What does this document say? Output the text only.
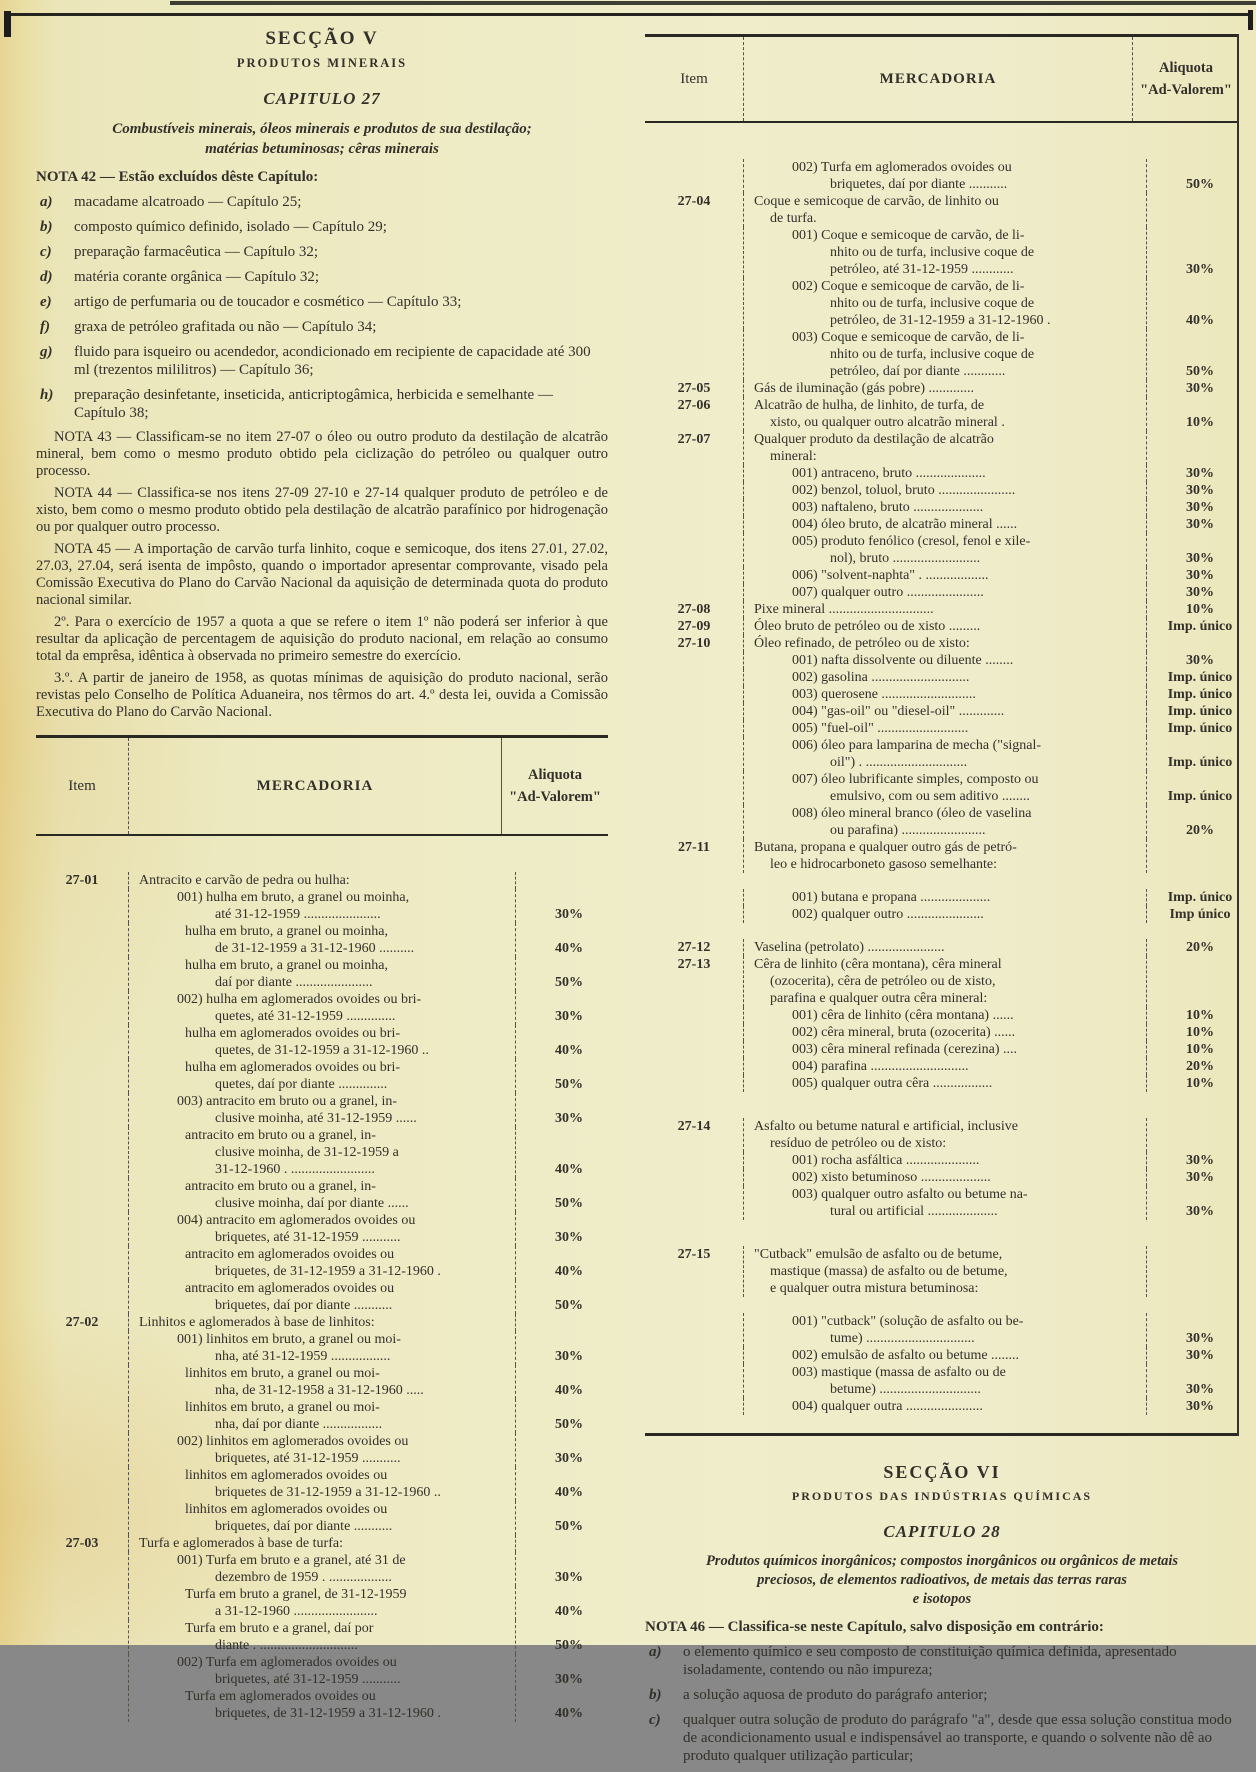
SECÇÃO V
PRODUTOS MINERAIS
CAPITULO 27
Combustíveis minerais, óleos minerais e produtos de sua destilação;
matérias betuminosas; cêras minerais
NOTA 42 — Estão excluídos dêste Capítulo:
a)	macadame alcatroado — Capítulo 25;
b)	composto químico definido, isolado — Capítulo 29;
c)	preparação farmacêutica — Capítulo 32;
d)	matéria corante orgânica — Capítulo 32;
e)	artigo de perfumaria ou de toucador e cosmético — Capítulo 33;
f)	graxa de petróleo grafitada ou não — Capítulo 34;
g)	fluido para isqueiro ou acendedor, acondicionado em recipiente de capacidade até 300 ml (trezentos mililitros) — Capítulo 36;
h)	preparação desinfetante, inseticida, anticriptogâmica, herbicida e semelhante — Capítulo 38;

NOTA 43 — Classificam-se no item 27-07 o óleo ou outro produto da destilação de alcatrão mineral, bem como o mesmo produto obtido pela ciclização do petróleo ou qualquer outro processo.

NOTA 44 — Classifica-se nos itens 27-09 27-10 e 27-14 qualquer produto de petróleo e de xisto, bem como o mesmo produto obtido pela destilação de alcatrão parafínico por hidrogenação ou por qualquer outro processo.

NOTA 45 — A importação de carvão turfa linhito, coque e semicoque, dos itens 27.01, 27.02, 27.03, 27.04, será isenta de impôsto, quando o importador apresentar comprovante, visado pela Comissão Executiva do Plano do Carvão Nacional da aquisição de determinada quota do produto nacional similar.

2º. Para o exercício de 1957 a quota a que se refere o item 1º não poderá ser inferior à que resultar da aplicação de percentagem de aquisição do produto nacional, em relação ao consumo total da emprêsa, idêntica à observada no primeiro semestre do exercício.

3.º. A partir de janeiro de 1958, as quotas mínimas de aquisição do produto nacional, serão revistas pelo Conselho de Política Aduaneira, nos têrmos do art. 4.º desta lei, ouvida a Comissão Executiva do Plano do Carvão Nacional.

Item	MERCADORIA
Aliquota
"Ad-Valorem"
27-01	Antracito e carvão de pedra ou hulha:
001) hulha em bruto, a granel ou moinha,
até 31-12-1959 ......................	30%
hulha em bruto, a granel ou moinha,
de 31-12-1959 a 31-12-1960 ..........	40%
hulha em bruto, a granel ou moinha,
daí por diante ......................	50%
002) hulha em aglomerados ovoides ou bri-
quetes, até 31-12-1959 ..............	30%
hulha em aglomerados ovoides ou bri-
quetes, de 31-12-1959 a 31-12-1960 ..	40%
hulha em aglomerados ovoides ou bri-
quetes, daí por diante ..............	50%
003) antracito em bruto ou a granel, in-
clusive moinha, até 31-12-1959 ......	30%
antracito em bruto ou a granel, in-
clusive moinha, de 31-12-1959 a
31-12-1960 . ........................	40%
antracito em bruto ou a granel, in-
clusive moinha, daí por diante ......	50%
004) antracito em aglomerados ovoides ou
briquetes, até 31-12-1959 ...........	30%
antracito em aglomerados ovoides ou
briquetes, de 31-12-1959 a 31-12-1960 .	40%
antracito em aglomerados ovoides ou
briquetes, daí por diante ...........	50%
27-02	Linhitos e aglomerados à base de linhitos:
001) linhitos em bruto, a granel ou moi-
nha, até 31-12-1959 .................	30%
linhitos em bruto, a granel ou moi-
nha, de 31-12-1958 a 31-12-1960 .....	40%
linhitos em bruto, a granel ou moi-
nha, daí por diante .................	50%
002) linhitos em aglomerados ovoides ou
briquetes, até 31-12-1959 ...........	30%
linhitos em aglomerados ovoides ou
briquetes de 31-12-1959 a 31-12-1960 ..	40%
linhitos em aglomerados ovoides ou
briquetes, daí por diante ...........	50%
27-03	Turfa e aglomerados à base de turfa:
001) Turfa em bruto e a granel, até 31 de
dezembro de 1959 . ..................	30%
Turfa em bruto a granel, de 31-12-1959
a 31-12-1960 ........................	40%
Turfa em bruto e a granel, daí por
diante . ............................	50%
002) Turfa em aglomerados ovoides ou
briquetes, até 31-12-1959 ...........	30%
Turfa em aglomerados ovoides ou
briquetes, de 31-12-1959 a 31-12-1960 .	40%
Item	MERCADORIA
Aliquota
"Ad-Valorem"
002) Turfa em aglomerados ovoides ou
briquetes, daí por diante ...........	50%
27-04	Coque e semicoque de carvão, de linhito ou
de turfa.
001) Coque e semicoque de carvão, de li-
nhito ou de turfa, inclusive coque de
petróleo, até 31-12-1959 ............	30%
002) Coque e semicoque de carvão, de li-
nhito ou de turfa, inclusive coque de
petróleo, de 31-12-1959 a 31-12-1960 .	40%
003) Coque e semicoque de carvão, de li-
nhito ou de turfa, inclusive coque de
petróleo, daí por diante ............	50%
27-05	Gás de iluminação (gás pobre) .............	30%
27-06	Alcatrão de hulha, de linhito, de turfa, de
xisto, ou qualquer outro alcatrão mineral .	10%
27-07	Qualquer produto da destilação de alcatrão
mineral:
001) antraceno, bruto ....................	30%
002) benzol, toluol, bruto ......................	30%
003) naftaleno, bruto ....................	30%
004) óleo bruto, de alcatrão mineral ......	30%
005) produto fenólico (cresol, fenol e xile-
nol), bruto .........................	30%
006) "solvent-naphta" . ..................	30%
007) qualquer outro ......................	30%
27-08	Pixe mineral ..............................	10%
27-09	Óleo bruto de petróleo ou de xisto .........	Imp. único
27-10	Óleo refinado, de petróleo ou de xisto:
001) nafta dissolvente ou diluente ........	30%
002) gasolina ............................	Imp. único
003) querosene ...........................	Imp. único
004) "gas-oil" ou "diesel-oil" .............	Imp. único
005) "fuel-oil" ..........................	Imp. único
006) óleo para lamparina de mecha ("signal-
oil") . .............................	Imp. único
007) óleo lubrificante simples, composto ou
emulsivo, com ou sem aditivo ........	Imp. único
008) óleo mineral branco (óleo de vaselina
ou parafina) ........................	20%
27-11	Butana, propana e qualquer outro gás de petró-
leo e hidrocarboneto gasoso semelhante:
001) butana e propana ....................	Imp. único
002) qualquer outro ......................	Imp único
27-12	Vaselina (petrolato) ......................	20%
27-13	Cêra de linhito (cêra montana), cêra mineral
(ozocerita), cêra de petróleo ou de xisto,
parafina e qualquer outra cêra mineral:
001) cêra de linhito (cêra montana) ......	10%
002) cêra mineral, bruta (ozocerita) ......	10%
003) cêra mineral refinada (cerezina) ....	10%
004) parafina ............................	20%
005) qualquer outra cêra .................	10%
27-14	Asfalto ou betume natural e artificial, inclusive
resíduo de petróleo ou de xisto:
001) rocha asfáltica .....................	30%
002) xisto betuminoso ....................	30%
003) qualquer outro asfalto ou betume na-
tural ou artificial ....................	30%
27-15	"Cutback" emulsão de asfalto ou de betume,
mastique (massa) de asfalto ou de betume,
e qualquer outra mistura betuminosa:
001) "cutback" (solução de asfalto ou be-
tume) ...............................	30%
002) emulsão de asfalto ou betume ........	30%
003) mastique (massa de asfalto ou de
betume) .............................	30%
004) qualquer outra ......................	30%
SECÇÃO VI
PRODUTOS DAS INDÚSTRIAS QUÍMICAS
CAPITULO 28

Produtos químicos inorgânicos; compostos inorgânicos ou orgânicos de metais

preciosos, de elementos radioativos, de metais das terras raras

e isotopos

NOTA 46 — Classifica-se neste Capítulo, salvo disposição em contrário:
a)	o elemento químico e seu composto de constituição química definida, apresentado isoladamente, contendo ou não impureza;
b)	a solução aquosa de produto do parágrafo anterior;
c)	qualquer outra solução de produto do parágrafo "a", desde que essa solução constitua modo de acondicionamento usual e indispensável ao transporte, e quando o solvente não dê ao produto qualquer utilização particular;
